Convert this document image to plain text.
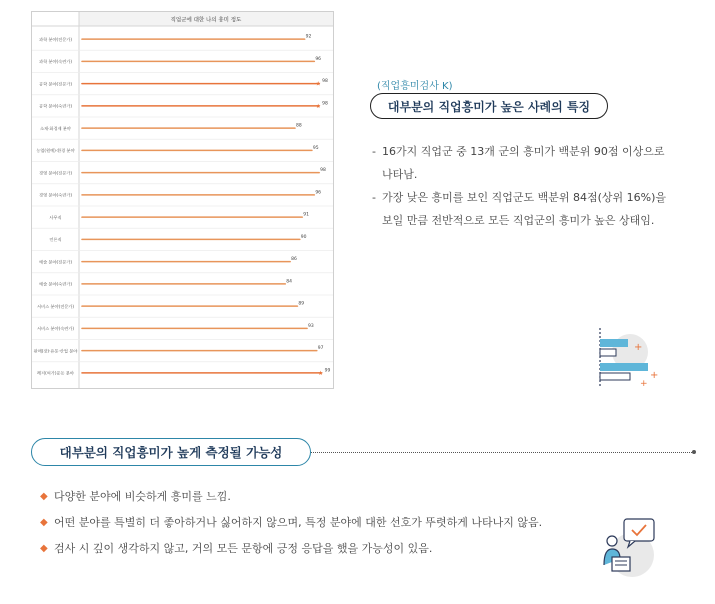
직업군에 대한 나의 흥미 정도
과학 분야(전문가)	92
과학 분야(숙련가)	96
공학 분야(전문가)	★ 98
공학 분야(숙련가)	★ 98
소재·화경제 분야	88
농업(원예)·환경 분야	95
경영 분야(전문가)	98
경영 분야(숙련가)	96
사무직	91
언론직	90
예술 분야(전문가)	86
예술 분야(숙련가)	84
서비스 분야(전문가)	89
서비스 분야(숙련가)	93
판매(장)·유통·산업 분야	97
레저(여가)운동 분야	★ 99
(직업흥미검사 K)
대부분의 직업흥미가 높은 사례의 특징
- 16가지 직업군 중 13개 군의 흥미가 백분위 90점 이상으로 나타남.
- 가장 낮은 흥미를 보인 직업군도 백분위 84점(상위 16%)을 보일 만큼 전반적으로 모든 직업군의 흥미가 높은 상태임.
+
+
+
대부분의 직업흥미가 높게 측정될 가능성
◆ 다양한 분야에 비슷하게 흥미를 느낌.
◆ 어떤 분야를 특별히 더 좋아하거나 싫어하지 않으며, 특정 분야에 대한 선호가 뚜렷하게 나타나지 않음.
◆ 검사 시 깊이 생각하지 않고, 거의 모든 문항에 긍정 응답을 했을 가능성이 있음.
